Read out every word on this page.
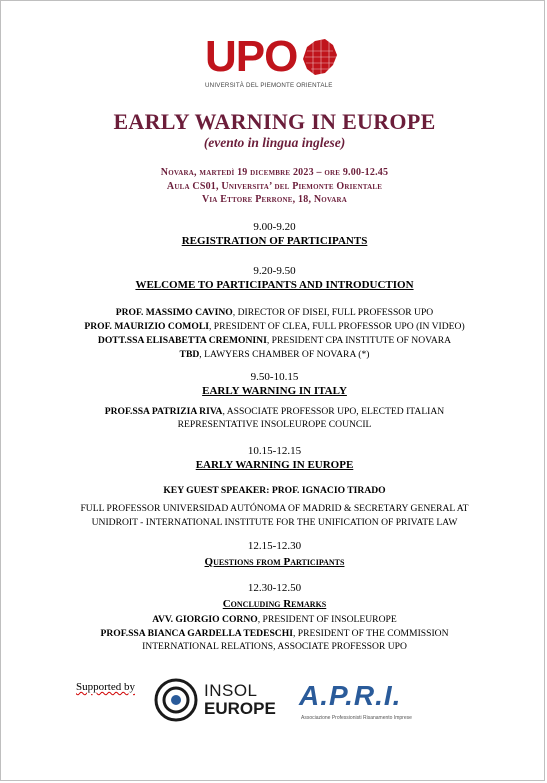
UPO
UNIVERSITÀ DEL PIEMONTE ORIENTALE
EARLY WARNING IN EUROPE
(evento in lingua inglese)
Novara, martedì 19 dicembre 2023 – ore 9.00-12.45
Aula CS01, Universita’ del Piemonte Orientale
Via Ettore Perrone, 18, Novara
9.00-9.20
REGISTRATION OF PARTICIPANTS
9.20-9.50
WELCOME TO PARTICIPANTS AND INTRODUCTION
PROF. MASSIMO CAVINO, DIRECTOR OF DISEI, FULL PROFESSOR UPO
PROF. MAURIZIO COMOLI, PRESIDENT OF CLEA, FULL PROFESSOR UPO (IN VIDEO)
DOTT.SSA ELISABETTA CREMONINI, PRESIDENT CPA INSTITUTE OF NOVARA
TBD, LAWYERS CHAMBER OF NOVARA (*)
9.50-10.15
EARLY WARNING IN ITALY
PROF.SSA PATRIZIA RIVA, ASSOCIATE PROFESSOR UPO, ELECTED ITALIAN
REPRESENTATIVE INSOLEUROPE COUNCIL
10.15-12.15
EARLY WARNING IN EUROPE
KEY GUEST SPEAKER: PROF. IGNACIO TIRADO
FULL PROFESSOR UNIVERSIDAD AUTÓNOMA OF MADRID & SECRETARY GENERAL AT
UNIDROIT - INTERNATIONAL INSTITUTE FOR THE UNIFICATION OF PRIVATE LAW
12.15-12.30
Questions from Participants
12.30-12.50
Concluding Remarks
AVV. GIORGIO CORNO, PRESIDENT OF INSOLEUROPE
PROF.SSA BIANCA GARDELLA TEDESCHI, PRESIDENT OF THE COMMISSION
INTERNATIONAL RELATIONS, ASSOCIATE PROFESSOR UPO
Supported by	INSOL
EUROPE A.P.R.I.
Associazione Professionisti Risanamento Imprese
